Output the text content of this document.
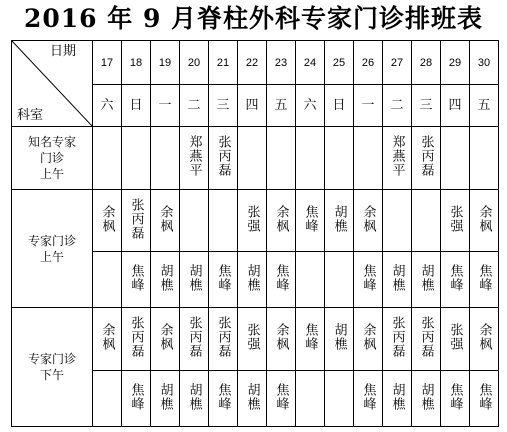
2016 年 9 月脊柱外科专家门诊排班表
日期
科室	17	18	19	20	21	22	23	24	25	26	27	28	29	30
	六	日	一	二	三	四	五	六	日	一	二	三	四	五

知名专家
门诊
上午				郑燕平	张丙磊						郑燕平	张丙磊		

专家门诊
上午	余枫	张丙磊	余枫			张强	余枫	焦峰	胡樵	余枫			张强	余枫
		焦峰	胡樵	胡樵	焦峰	胡樵	焦峰			焦峰	胡樵	胡樵	焦峰	焦峰

专家门诊
下午	余枫	张丙磊	余枫	张丙磊	张丙磊	张强	余枫	焦峰	胡樵	余枫	张丙磊	张丙磊	张强	余枫
		焦峰	胡樵	胡樵	焦峰	胡樵	焦峰			焦峰	胡樵	胡樵	焦峰	焦峰
